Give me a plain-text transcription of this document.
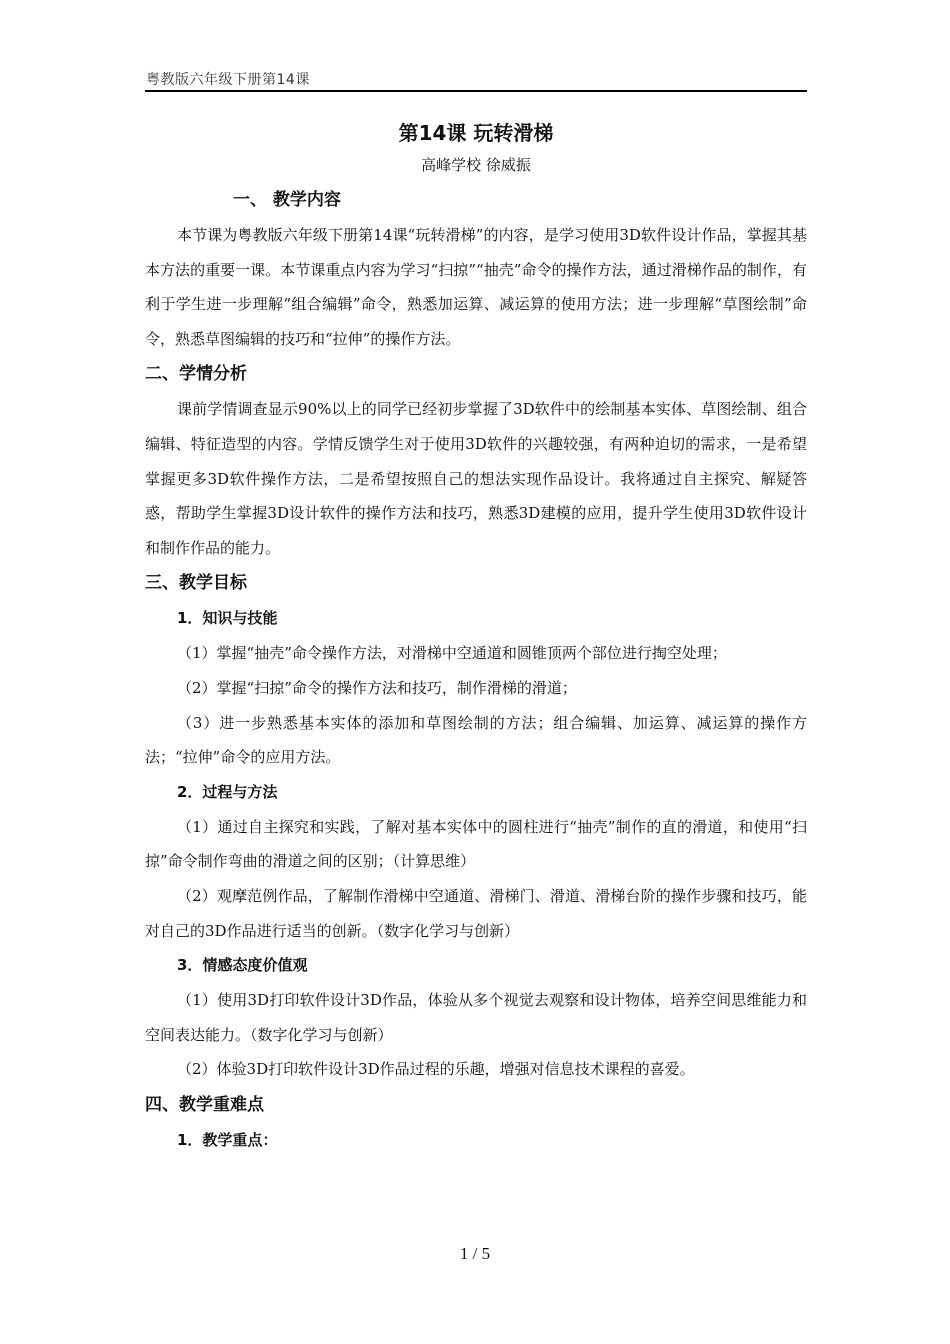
粤教版六年级下册第14课
第14课 玩转滑梯
高峰学校 徐威振
一、 教学内容

本节课为粤教版六年级下册第14课“玩转滑梯”的内容，是学习使用3D软件设计作品，掌握其基本方法的重要一课。本节课重点内容为学习“扫掠”“抽壳”命令的操作方法，通过滑梯作品的制作，有利于学生进一步理解“组合编辑”命令，熟悉加运算、减运算的使用方法；进一步理解“草图绘制”命令，熟悉草图编辑的技巧和“拉伸”的操作方法。

二、学情分析

课前学情调查显示90%以上的同学已经初步掌握了3D软件中的绘制基本实体、草图绘制、组合编辑、特征造型的内容。学情反馈学生对于使用3D软件的兴趣较强，有两种迫切的需求，一是希望掌握更多3D软件操作方法，二是希望按照自己的想法实现作品设计。我将通过自主探究、解疑答惑，帮助学生掌握3D设计软件的操作方法和技巧，熟悉3D建模的应用，提升学生使用3D软件设计和制作作品的能力。

三、教学目标
1．知识与技能

（1）掌握“抽壳”命令操作方法，对滑梯中空通道和圆锥顶两个部位进行掏空处理；

（2）掌握“扫掠”命令的操作方法和技巧，制作滑梯的滑道；

（3）进一步熟悉基本实体的添加和草图绘制的方法；组合编辑、加运算、减运算的操作方法；“拉伸”命令的应用方法。

2．过程与方法

（1）通过自主探究和实践，了解对基本实体中的圆柱进行“抽壳”制作的直的滑道，和使用“扫掠”命令制作弯曲的滑道之间的区别；（计算思维）

（2）观摩范例作品，了解制作滑梯中空通道、滑梯门、滑道、滑梯台阶的操作步骤和技巧，能对自己的3D作品进行适当的创新。（数字化学习与创新）

3．情感态度价值观

（1）使用3D打印软件设计3D作品，体验从多个视觉去观察和设计物体，培养空间思维能力和空间表达能力。（数字化学习与创新）

（2）体验3D打印软件设计3D作品过程的乐趣，增强对信息技术课程的喜爱。

四、教学重难点
1．教学重点：
1 / 5
